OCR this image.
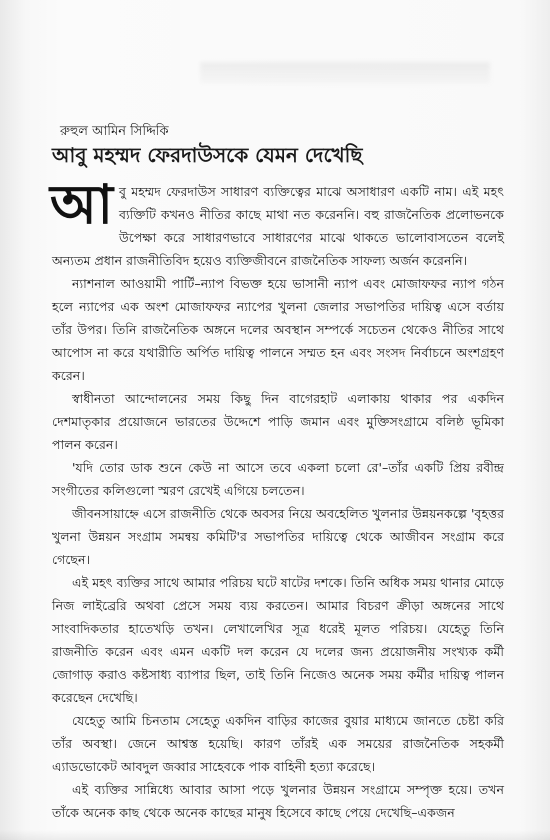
রুহুল আমিন সিদ্দিকি
আবু মহম্মদ ফেরদাউসকে যেমন দেখেছি

আবু মহম্মদ ফেরদাউস সাধারণ ব্যক্তিত্বের মাঝে অসাধারণ একটি নাম। এই মহৎ ব্যক্তিটি কখনও নীতির কাছে মাথা নত করেননি। বহু রাজনৈতিক প্রলোভনকে উপেক্ষা করে সাধারণভাবে সাধারণের মাঝে থাকতে ভালোবাসতেন বলেই অন্যতম প্রধান রাজনীতিবিদ হয়েও ব্যক্তিজীবনে রাজনৈতিক সাফল্য অর্জন করেননি।

ন্যাশনাল আওয়ামী পার্টি–ন্যাপ বিভক্ত হয়ে ভাসানী ন্যাপ এবং মোজাফফর ন্যাপ গঠন হলে ন্যাপের এক অংশ মোজাফফর ন্যাপের খুলনা জেলার সভাপতির দায়িত্ব এসে বর্তায় তাঁর উপর। তিনি রাজনৈতিক অঙ্গনে দলের অবস্থান সম্পর্কে সচেতন থেকেও নীতির সাথে আপোস না করে যথারীতি অর্পিত দায়িত্ব পালনে সম্মত হন এবং সংসদ নির্বাচনে অংশগ্রহণ করেন।

স্বাধীনতা আন্দোলনের সময় কিছু দিন বাগেরহাট এলাকায় থাকার পর একদিন দেশমাতৃকার প্রয়োজনে ভারতের উদ্দেশে পাড়ি জমান এবং মুক্তিসংগ্রামে বলিষ্ঠ ভূমিকা পালন করেন।

'যদি তোর ডাক শুনে কেউ না আসে তবে একলা চলো রে'–তাঁর একটি প্রিয় রবীন্দ্র সংগীতের কলিগুলো স্মরণ রেখেই এগিয়ে চলতেন।

জীবনসায়াহ্নে এসে রাজনীতি থেকে অবসর নিয়ে অবহেলিত খুলনার উন্নয়নকল্পে 'বৃহত্তর খুলনা উন্নয়ন সংগ্রাম সমন্বয় কমিটি'র সভাপতির দায়িত্বে থেকে আজীবন সংগ্রাম করে গেছেন।

এই মহৎ ব্যক্তির সাথে আমার পরিচয় ঘটে ষাটের দশকে। তিনি অধিক সময় থানার মোড়ে নিজ লাইব্রেরি অথবা প্রেসে সময় ব্যয় করতেন। আমার বিচরণ ক্রীড়া অঙ্গনের সাথে সাংবাদিকতার হাতেখড়ি তখন। লেখালেখির সূত্র ধরেই মূলত পরিচয়। যেহেতু তিনি রাজনীতি করেন এবং এমন একটি দল করেন যে দলের জন্য প্রয়োজনীয় সংখ্যক কর্মী জোগাড় করাও কষ্টসাধ্য ব্যাপার ছিল, তাই তিনি নিজেও অনেক সময় কর্মীর দায়িত্ব পালন করেছেন দেখেছি।

যেহেতু আমি চিনতাম সেহেতু একদিন বাড়ির কাজের বুয়ার মাধ্যমে জানতে চেষ্টা করি তাঁর অবস্থা। জেনে আশ্বস্ত হয়েছি। কারণ তাঁরই এক সময়ের রাজনৈতিক সহকর্মী এ্যাডভোকেট আবদুল জব্বার সাহেবকে পাক বাহিনী হত্যা করেছে।

এই ব্যক্তির সান্নিধ্যে আবার আসা পড়ে খুলনার উন্নয়ন সংগ্রামে সম্পৃক্ত হয়ে। তখন তাঁকে অনেক কাছ থেকে অনেক কাছের মানুষ হিসেবে কাছে পেয়ে দেখেছি–একজন
